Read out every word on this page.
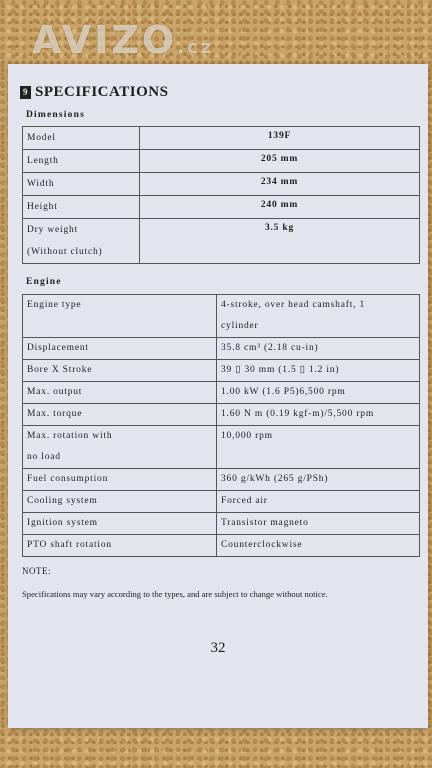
AVIZO.cz
9 SPECIFICATIONS
Dimensions
Model	139F
Length	205 mm
Width	234 mm
Height	240 mm

Dry weight
(Without clutch)	3.5 kg
Engine
Engine type	4-stroke, over head camshaft, 1
cylinder

Displacement	35.8 cm³ (2.18 cu-in)
Bore X Stroke	39 ▯ 30 mm (1.5 ▯ 1.2 in)
Max. output	1.00 kW (1.6 P5)6,500 rpm
Max. torque	1.60 N m (0.19 kgf-m)/5,500 rpm

Max. rotation with
no load	10,000 rpm
Fuel consumption	360 g/kWh (265 g/PSh)
Cooling system	Forced air
Ignition system	Transistor magneto
PTO shaft rotation	Counterclockwise
NOTE:
Specifications may vary according to the types, and are subject to change without notice.
32
